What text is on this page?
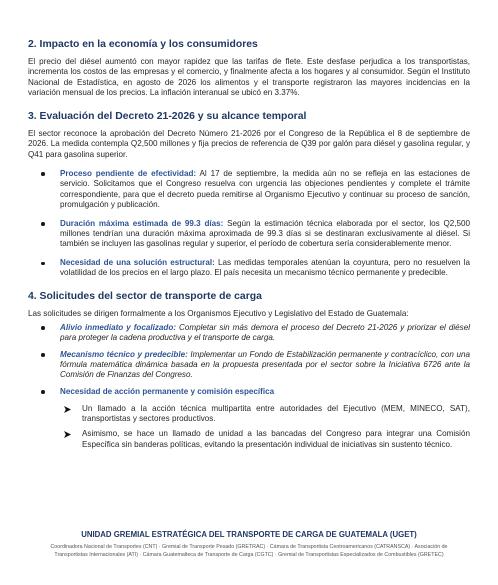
2. Impacto en la economía y los consumidores

El precio del diésel aumentó con mayor rapidez que las tarifas de flete. Este desfase perjudica a los transportistas, incrementa los costos de las empresas y el comercio, y finalmente afecta a los hogares y al consumidor. Según el Instituto Nacional de Estadística, en agosto de 2026 los alimentos y el transporte registraron las mayores incidencias en la variación mensual de los precios. La inflación interanual se ubicó en 3.37%.

3. Evaluación del Decreto 21-2026 y su alcance temporal

El sector reconoce la aprobación del Decreto Número 21-2026 por el Congreso de la República el 8 de septiembre de 2026. La medida contempla Q2,500 millones y fija precios de referencia de Q39 por galón para diésel y gasolina regular, y Q41 para gasolina superior.

Proceso pendiente de efectividad: Al 17 de septiembre, la medida aún no se refleja en las estaciones de servicio. Solicitamos que el Congreso resuelva con urgencia las objeciones pendientes y complete el trámite correspondiente, para que el decreto pueda remitirse al Organismo Ejecutivo y continuar su proceso de sanción, promulgación y publicación.
Duración máxima estimada de 99.3 días: Según la estimación técnica elaborada por el sector, los Q2,500 millones tendrían una duración máxima aproximada de 99.3 días si se destinaran exclusivamente al diésel. Si también se incluyen las gasolinas regular y superior, el período de cobertura sería considerablemente menor.
Necesidad de una solución estructural: Las medidas temporales atenúan la coyuntura, pero no resuelven la volatilidad de los precios en el largo plazo. El país necesita un mecanismo técnico permanente y predecible.
4. Solicitudes del sector de transporte de carga

Las solicitudes se dirigen formalmente a los Organismos Ejecutivo y Legislativo del Estado de Guatemala:

Alivio inmediato y focalizado: Completar sin más demora el proceso del Decreto 21-2026 y priorizar el diésel para proteger la cadena productiva y el transporte de carga.
Mecanismo técnico y predecible: Implementar un Fondo de Estabilización permanente y contracíclico, con una fórmula matemática dinámica basada en la propuesta presentada por el sector sobre la Iniciativa 6726 ante la Comisión de Finanzas del Congreso.
Necesidad de acción permanente y comisión específica
Un llamado a la acción técnica multipartita entre autoridades del Ejecutivo (MEM, MINECO, SAT), transportistas y sectores productivos.
Asimismo, se hace un llamado de unidad a las bancadas del Congreso para integrar una Comisión Específica sin banderas políticas, evitando la presentación individual de iniciativas sin sustento técnico.
UNIDAD GREMIAL ESTRATÉGICA DEL TRANSPORTE DE CARGA DE GUATEMALA (UGET)
Coordinadora Nacional de Transportes (CNT) · Gremial de Transporte Pesado (GRETRAC) · Cámara de Transportista Centroamericanos (CATRANSCA) · Asociación de Transportistas Internacionales (ATI) · Cámara Guatemalteca de Transporte de Carga (CGTC) · Gremial de Transportistas Especializados de Combustibles (GRETEC)
